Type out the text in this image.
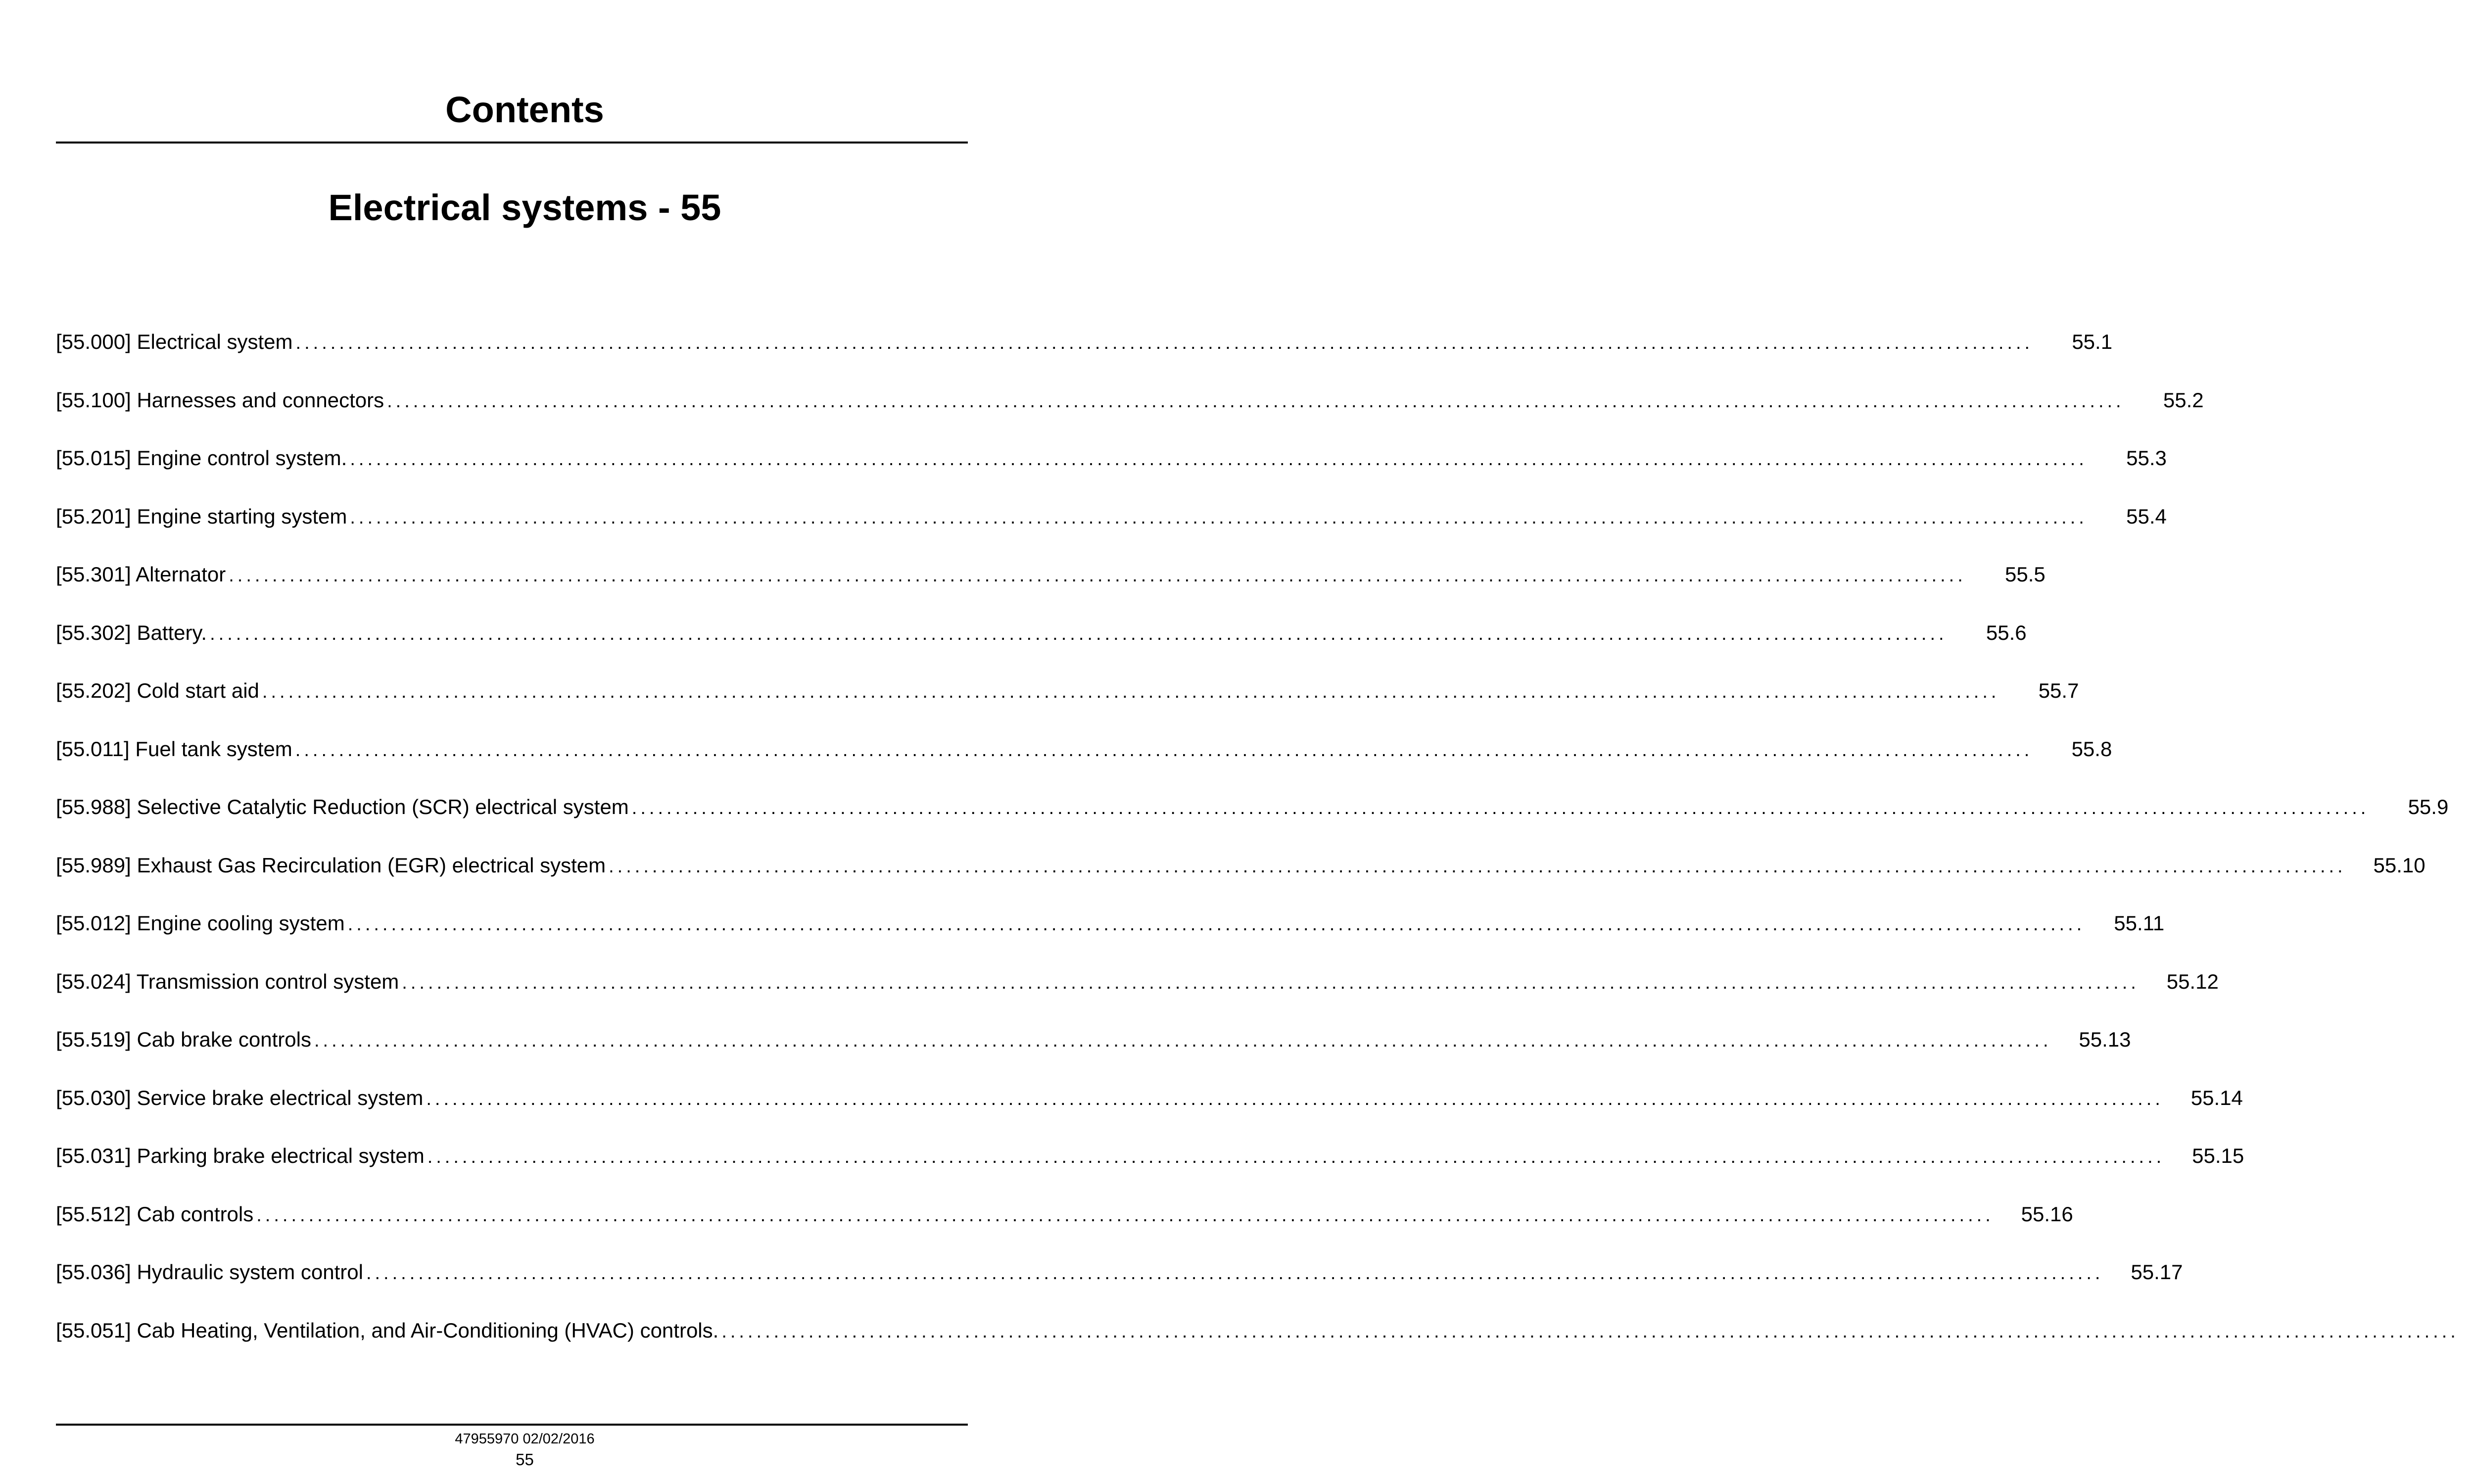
Contents
Electrical systems - 55
[55.000] Electrical system ........................................................................................................................................................................................................	55.1
[55.100] Harnesses and connectors ........................................................................................................................................................................................................	55.2
[55.015] Engine control system. ........................................................................................................................................................................................................	55.3
[55.201] Engine starting system ........................................................................................................................................................................................................	55.4
[55.301] Alternator ........................................................................................................................................................................................................	55.5
[55.302] Battery. ........................................................................................................................................................................................................	55.6
[55.202] Cold start aid ........................................................................................................................................................................................................	55.7
[55.011] Fuel tank system ........................................................................................................................................................................................................	55.8
[55.988] Selective Catalytic Reduction (SCR) electrical system ........................................................................................................................................................................................................	55.9
[55.989] Exhaust Gas Recirculation (EGR) electrical system ........................................................................................................................................................................................................	55.10
[55.012] Engine cooling system ........................................................................................................................................................................................................	55.11
[55.024] Transmission control system ........................................................................................................................................................................................................	55.12
[55.519] Cab brake controls ........................................................................................................................................................................................................	55.13
[55.030] Service brake electrical system ........................................................................................................................................................................................................	55.14
[55.031] Parking brake electrical system ........................................................................................................................................................................................................	55.15
[55.512] Cab controls ........................................................................................................................................................................................................	55.16
[55.036] Hydraulic system control ........................................................................................................................................................................................................	55.17
[55.051] Cab Heating, Ventilation, and Air-Conditioning (HVAC) controls. ........................................................................................................................................................................................................
47955970 02/02/2016
55
